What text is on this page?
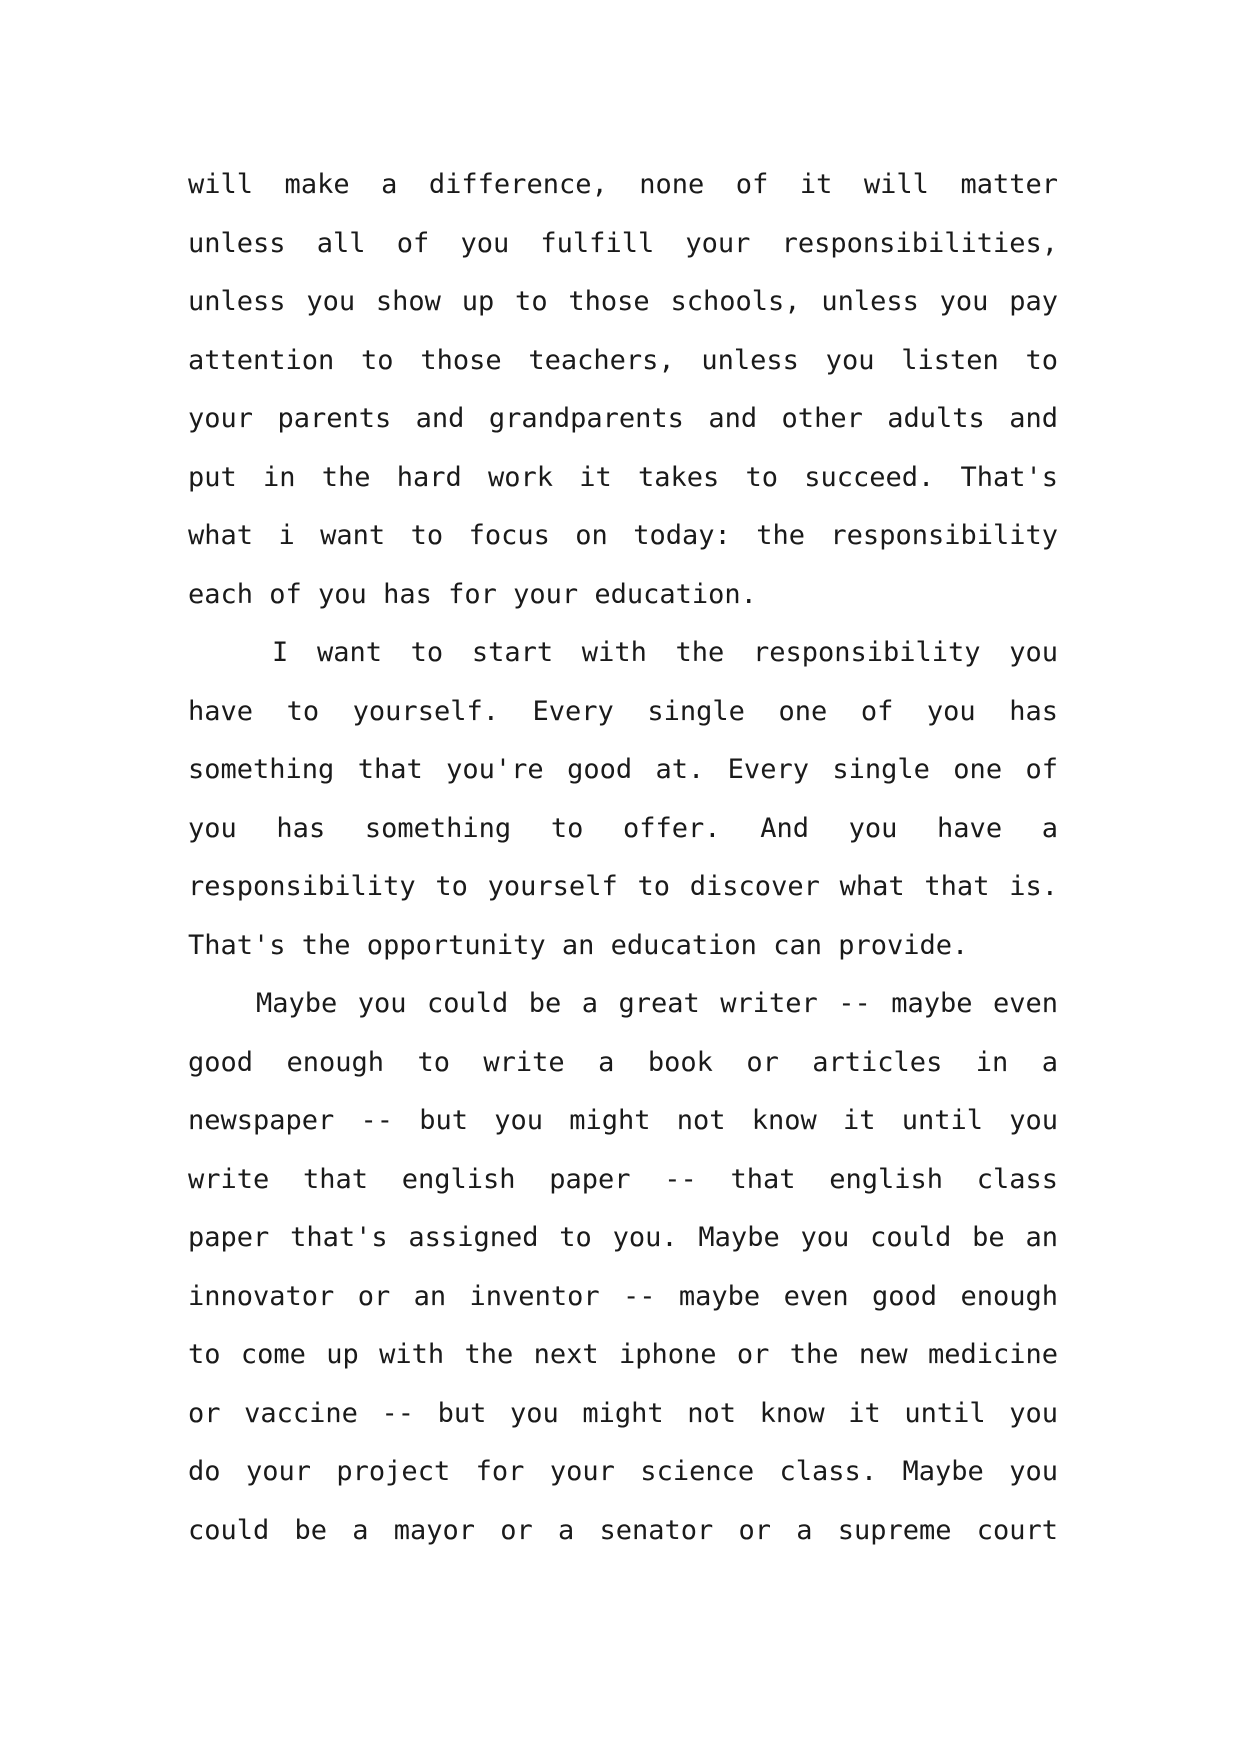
will make a difference, none of it will matter
unless all of you fulfill your responsibilities,
unless you show up to those schools, unless you pay
attention to those teachers, unless you listen to
your parents and grandparents and other adults and
put in the hard work it takes to succeed. That's
what i want to focus on today: the responsibility
each of you has for your education.
I want to start with the responsibility you
have to yourself. Every single one of you has
something that you're good at. Every single one of
you has something to offer. And you have a
responsibility to yourself to discover what that is.
That's the opportunity an education can provide.
Maybe you could be a great writer -- maybe even
good enough to write a book or articles in a
newspaper -- but you might not know it until you
write that english paper -- that english class
paper that's assigned to you. Maybe you could be an
innovator or an inventor -- maybe even good enough
to come up with the next iphone or the new medicine
or vaccine -- but you might not know it until you
do your project for your science class. Maybe you
could be a mayor or a senator or a supreme court
